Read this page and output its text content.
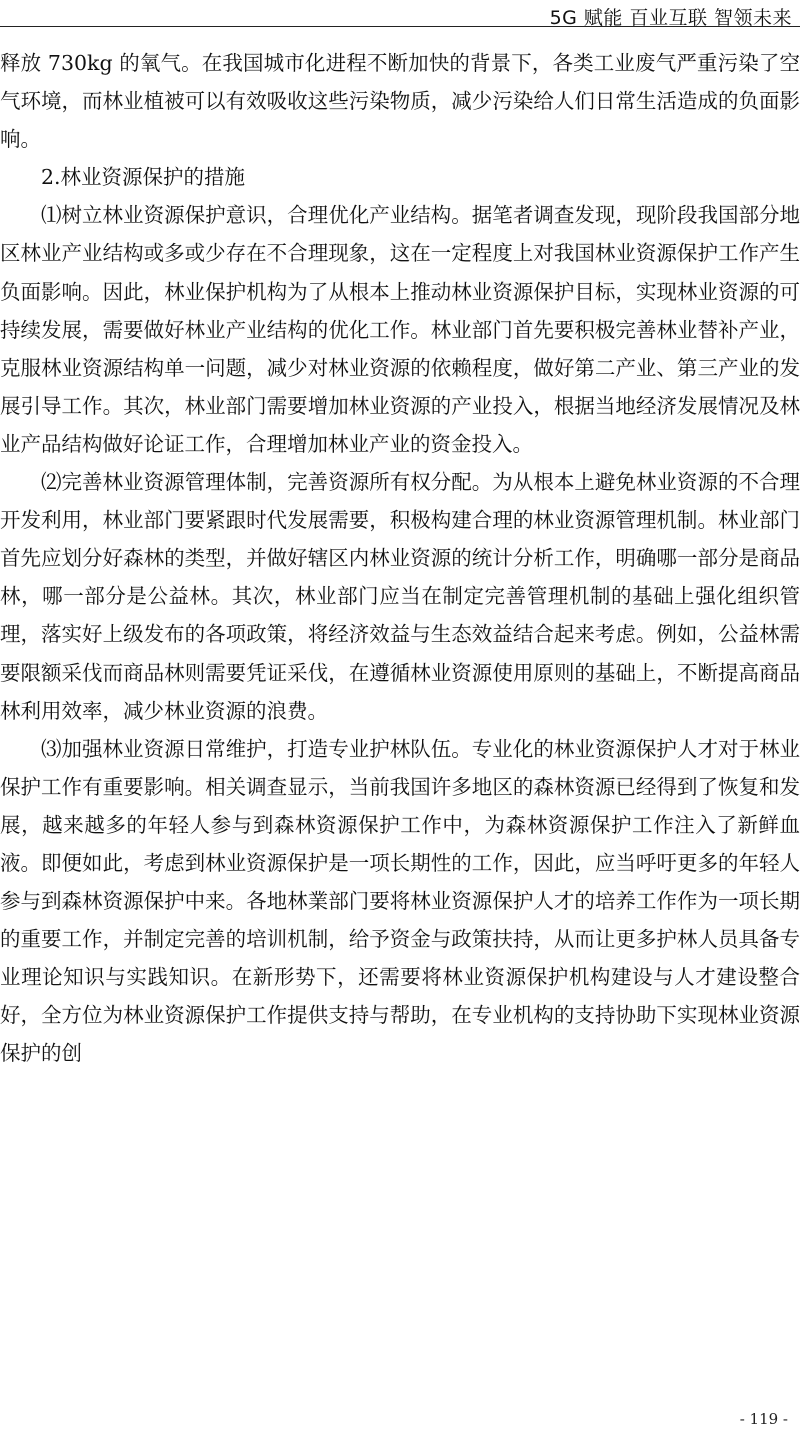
5G 赋能 百业互联 智领未来

释放 730kg 的氧气。在我国城市化进程不断加快的背景下，各类工业废气严重污染了空气环境，而林业植被可以有效吸收这些污染物质，减少污染给人们日常生活造成的负面影响。

2.林业资源保护的措施

⑴树立林业资源保护意识，合理优化产业结构。据笔者调查发现，现阶段我国部分地区林业产业结构或多或少存在不合理现象，这在一定程度上对我国林业资源保护工作产生负面影响。因此，林业保护机构为了从根本上推动林业资源保护目标，实现林业资源的可持续发展，需要做好林业产业结构的优化工作。林业部门首先要积极完善林业替补产业，克服林业资源结构单一问题，减少对林业资源的依赖程度，做好第二产业、第三产业的发展引导工作。其次，林业部门需要增加林业资源的产业投入，根据当地经济发展情况及林业产品结构做好论证工作，合理增加林业产业的资金投入。

⑵完善林业资源管理体制，完善资源所有权分配。为从根本上避免林业资源的不合理开发利用，林业部门要紧跟时代发展需要，积极构建合理的林业资源管理机制。林业部门首先应划分好森林的类型，并做好辖区内林业资源的统计分析工作，明确哪一部分是商品林，哪一部分是公益林。其次，林业部门应当在制定完善管理机制的基础上强化组织管理，落实好上级发布的各项政策，将经济效益与生态效益结合起来考虑。例如，公益林需要限额采伐而商品林则需要凭证采伐，在遵循林业资源使用原则的基础上，不断提高商品林利用效率，减少林业资源的浪费。

⑶加强林业资源日常维护，打造专业护林队伍。专业化的林业资源保护人才对于林业保护工作有重要影响。相关调查显示，当前我国许多地区的森林资源已经得到了恢复和发展，越来越多的年轻人参与到森林资源保护工作中，为森林资源保护工作注入了新鲜血液。即便如此，考虑到林业资源保护是一项长期性的工作，因此，应当呼吁更多的年轻人参与到森林资源保护中来。各地林業部门要将林业资源保护人才的培养工作作为一项长期的重要工作，并制定完善的培训机制，给予资金与政策扶持，从而让更多护林人员具备专业理论知识与实践知识。在新形势下，还需要将林业资源保护机构建设与人才建设整合好，全方位为林业资源保护工作提供支持与帮助，在专业机构的支持协助下实现林业资源保护的创

- 119 -
